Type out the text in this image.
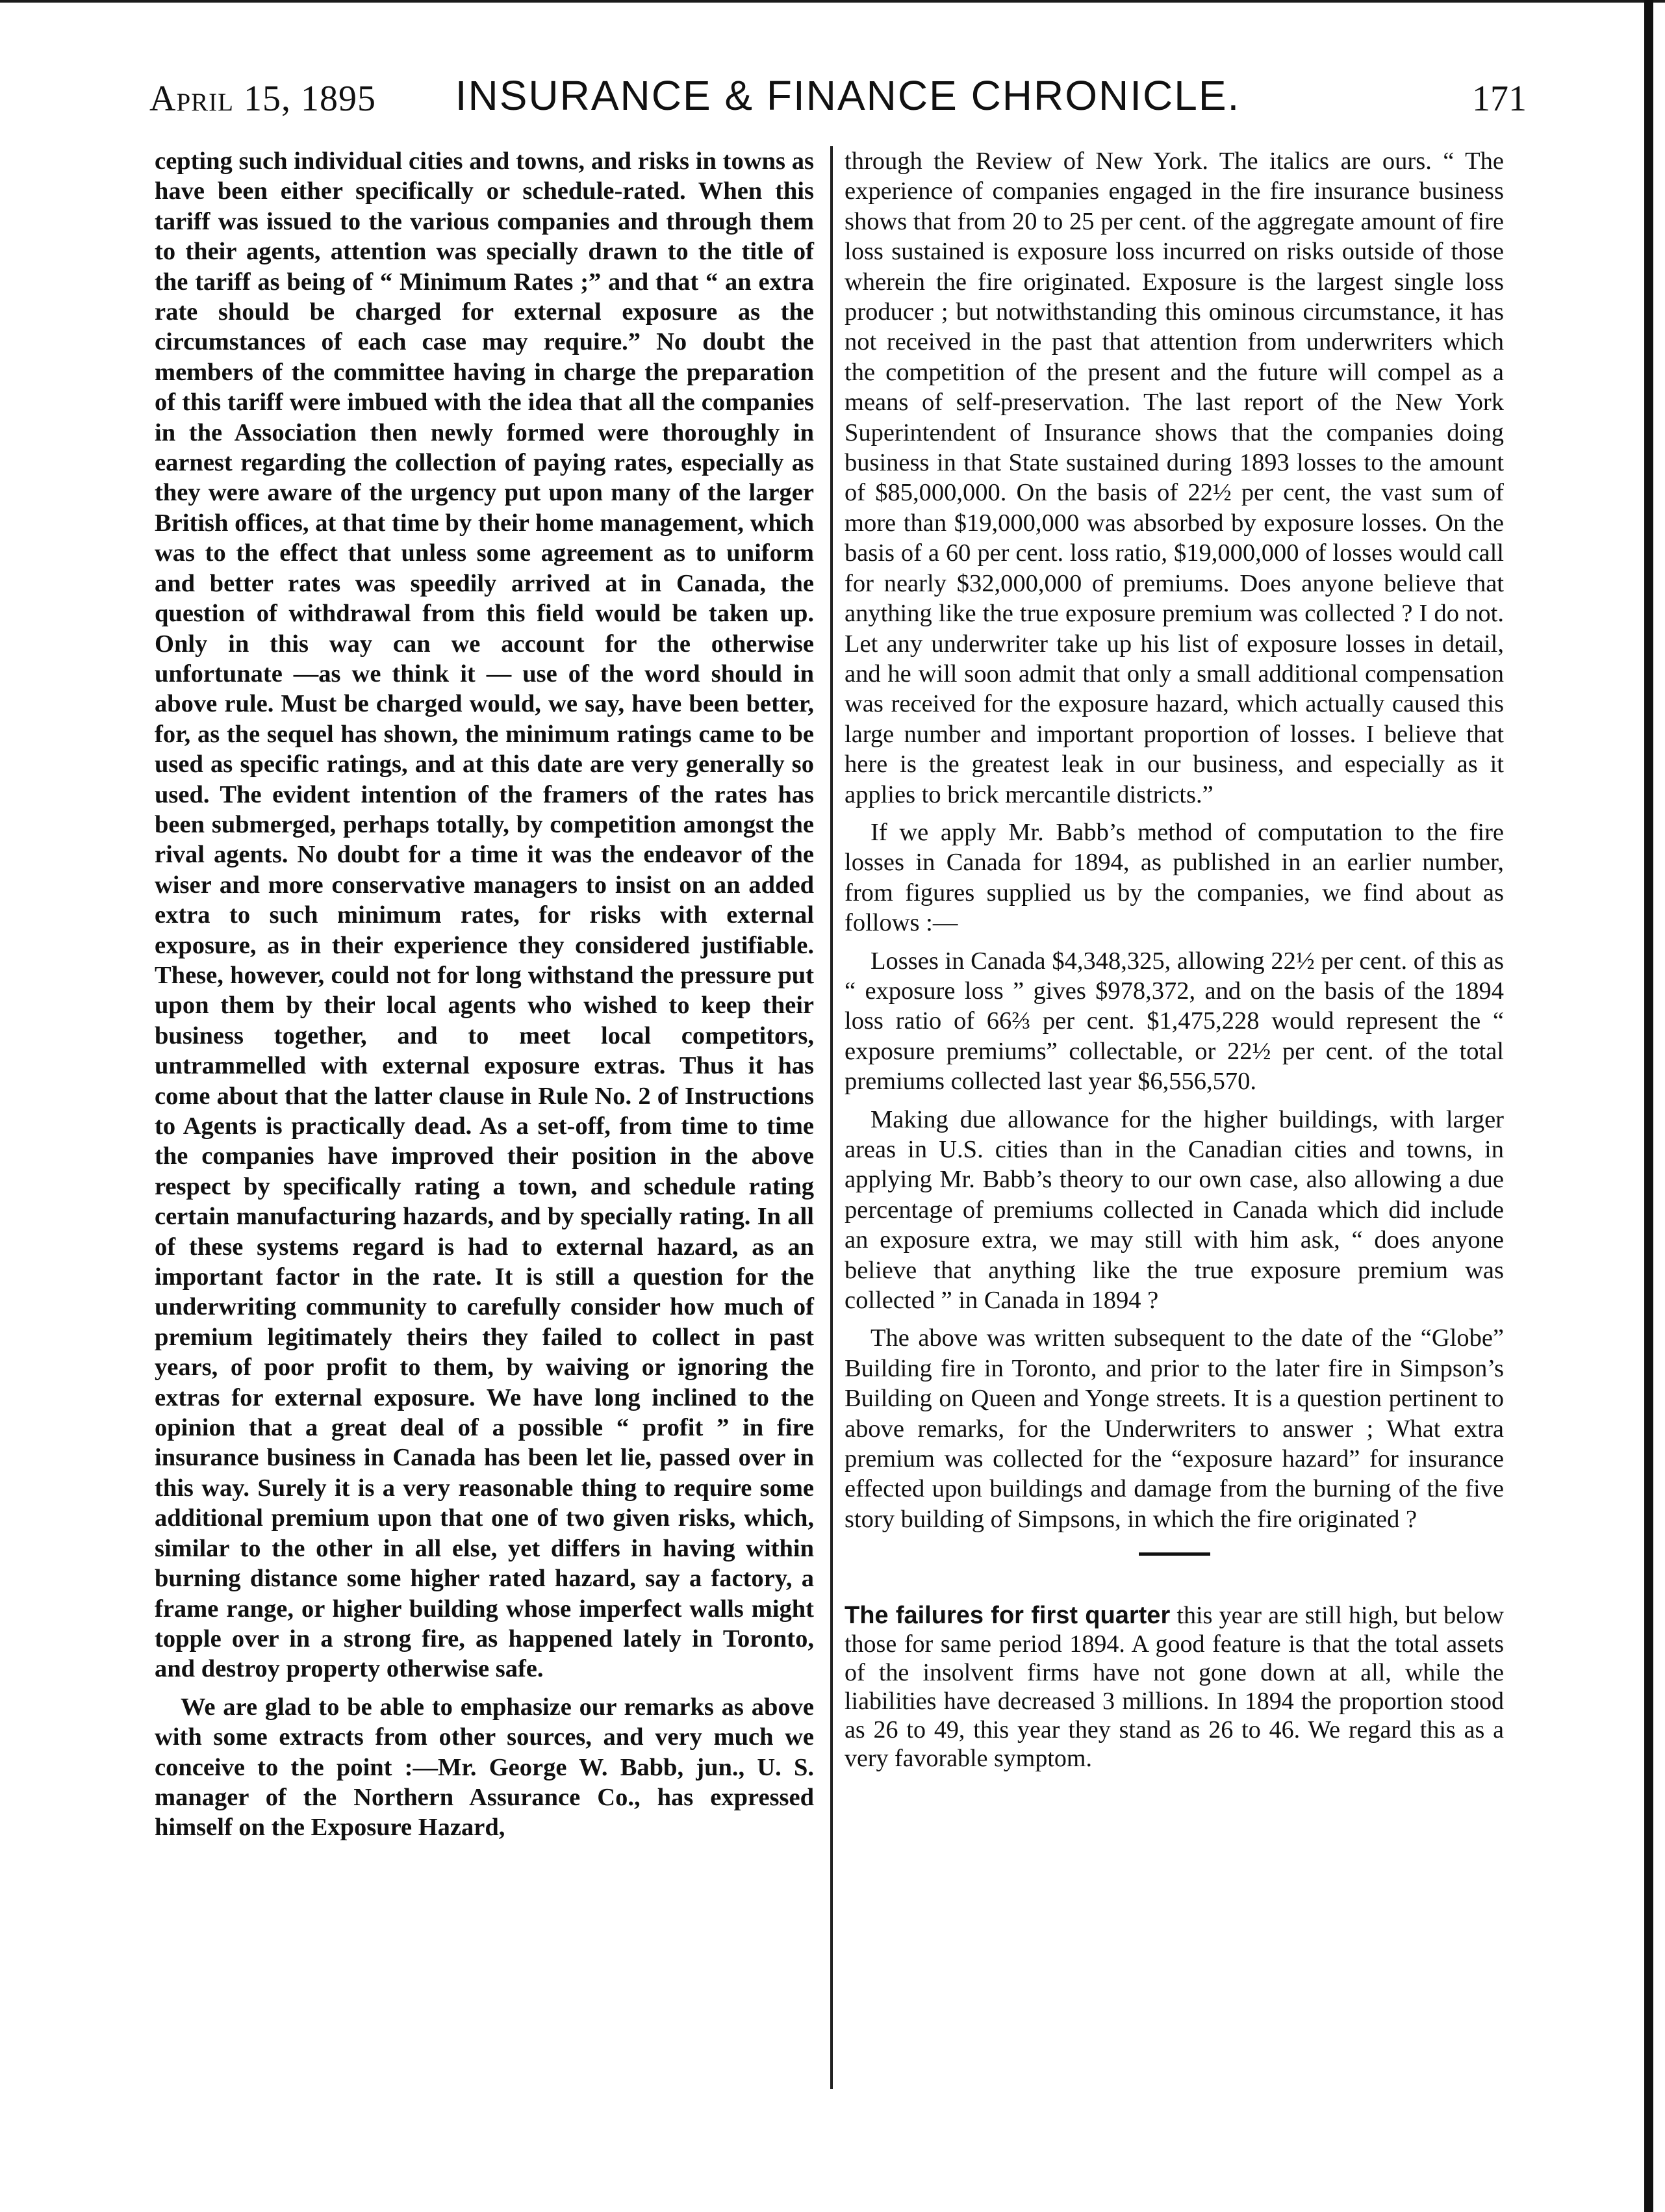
April 15, 1895	INSURANCE & FINANCE CHRONICLE.	171

cepting such individual cities and towns, and risks in towns as have been either specifically or schedule-rated. When this tariff was issued to the various companies and through them to their agents, attention was specially drawn to the title of the tariff as being of “ Minimum Rates ;” and that “ an extra rate should be charged for external exposure as the circumstances of each case may require.” No doubt the members of the committee having in charge the preparation of this tariff were imbued with the idea that all the companies in the Association then newly formed were thoroughly in earnest regarding the collection of paying rates, especially as they were aware of the urgency put upon many of the larger British offices, at that time by their home management, which was to the effect that unless some agreement as to uniform and better rates was speedily arrived at in Canada, the question of withdrawal from this field would be taken up. Only in this way can we account for the otherwise unfortunate —as we think it — use of the word should in above rule. Must be charged would, we say, have been better, for, as the sequel has shown, the minimum ratings came to be used as specific ratings, and at this date are very generally so used. The evident intention of the framers of the rates has been submerged, perhaps totally, by competition amongst the rival agents. No doubt for a time it was the endeavor of the wiser and more conservative managers to insist on an added extra to such minimum rates, for risks with external exposure, as in their experience they considered justifiable. These, however, could not for long withstand the pressure put upon them by their local agents who wished to keep their business together, and to meet local competitors, untrammelled with external exposure extras. Thus it has come about that the latter clause in Rule No. 2 of Instructions to Agents is practically dead. As a set-off, from time to time the companies have improved their position in the above respect by specifically rating a town, and schedule rating certain manufacturing hazards, and by specially rating. In all of these systems regard is had to external hazard, as an important factor in the rate. It is still a question for the underwriting community to carefully consider how much of premium legitimately theirs they failed to collect in past years, of poor profit to them, by waiving or ignoring the extras for external exposure. We have long inclined to the opinion that a great deal of a possible “ profit ” in fire insurance business in Canada has been let lie, passed over in this way. Surely it is a very reasonable thing to require some additional premium upon that one of two given risks, which, similar to the other in all else, yet differs in having within burning distance some higher rated hazard, say a factory, a frame range, or higher building whose imperfect walls might topple over in a strong fire, as happened lately in Toronto, and destroy property otherwise safe.

We are glad to be able to emphasize our remarks as above with some extracts from other sources, and very much we conceive to the point :—Mr. George W. Babb, jun., U. S. manager of the Northern Assurance Co., has expressed himself on the Exposure Hazard,

through the Review of New York. The italics are ours. “ The experience of companies engaged in the fire insurance business shows that from 20 to 25 per cent. of the aggregate amount of fire loss sustained is exposure loss incurred on risks outside of those wherein the fire originated. Exposure is the largest single loss producer ; but notwithstanding this ominous circumstance, it has not received in the past that attention from underwriters which the competition of the present and the future will compel as a means of self-preservation. The last report of the New York Superintendent of Insurance shows that the companies doing business in that State sustained during 1893 losses to the amount of $85,000,000. On the basis of 22½ per cent, the vast sum of more than $19,000,000 was absorbed by exposure losses. On the basis of a 60 per cent. loss ratio, $19,000,000 of losses would call for nearly $32,000,000 of premiums. Does anyone believe that anything like the true exposure premium was collected ? I do not. Let any underwriter take up his list of exposure losses in detail, and he will soon admit that only a small additional compensation was received for the exposure hazard, which actually caused this large number and important proportion of losses. I believe that here is the greatest leak in our business, and especially as it applies to brick mercantile districts.”

If we apply Mr. Babb’s method of computation to the fire losses in Canada for 1894, as published in an earlier number, from figures supplied us by the companies, we find about as follows :—

Losses in Canada $4,348,325, allowing 22½ per cent. of this as “ exposure loss ” gives $978,372, and on the basis of the 1894 loss ratio of 66⅔ per cent. $1,475,228 would represent the “ exposure premiums” collectable, or 22½ per cent. of the total premiums collected last year $6,556,570.

Making due allowance for the higher buildings, with larger areas in U.S. cities than in the Canadian cities and towns, in applying Mr. Babb’s theory to our own case, also allowing a due percentage of premiums collected in Canada which did include an exposure extra, we may still with him ask, “ does anyone believe that anything like the true exposure premium was collected ” in Canada in 1894 ?

The above was written subsequent to the date of the “Globe” Building fire in Toronto, and prior to the later fire in Simpson’s Building on Queen and Yonge streets. It is a question pertinent to above remarks, for the Underwriters to answer ; What extra premium was collected for the “exposure hazard” for insurance effected upon buildings and damage from the burning of the five story building of Simpsons, in which the fire originated ?

The failures for first quarter this year are still high, but below those for same period 1894. A good feature is that the total assets of the insolvent firms have not gone down at all, while the liabilities have decreased 3 millions. In 1894 the proportion stood as 26 to 49, this year they stand as 26 to 46. We regard this as a very favorable symptom.
